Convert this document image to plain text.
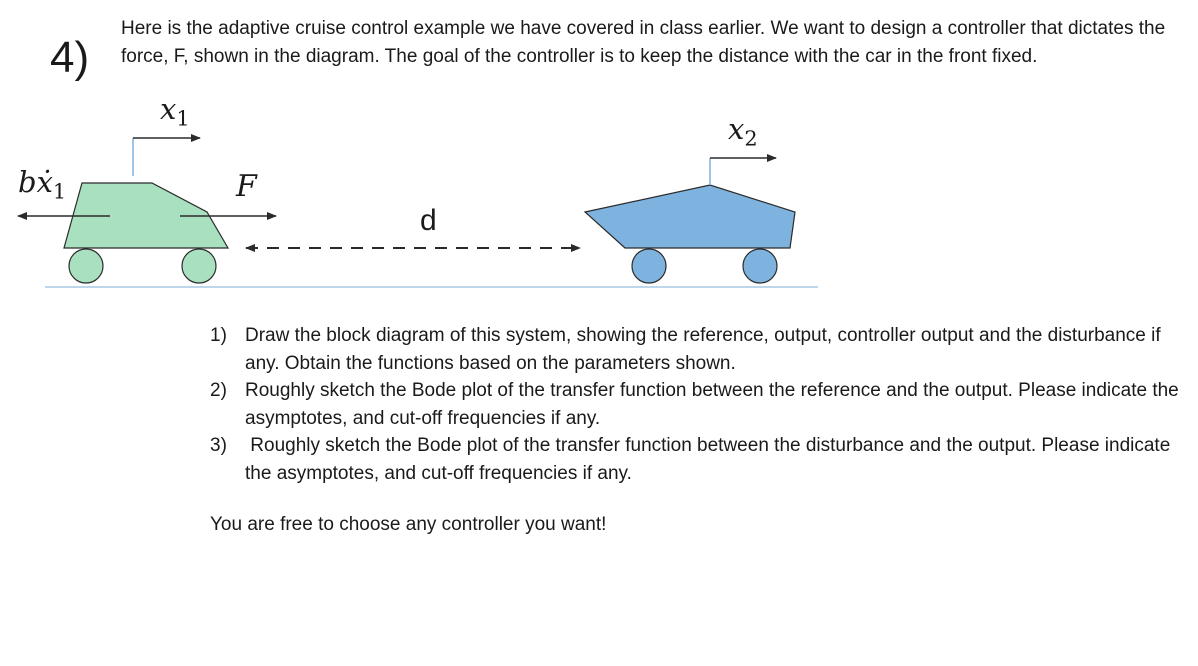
4)
Here is the adaptive cruise control example we have covered in class earlier. We want to design a controller that dictates the force, F, shown in the diagram. The goal of the controller is to keep the distance with the car in the front fixed.
$x_1$	$x_2$
bẋ$_1$	F
d
1) Draw the block diagram of this system, showing the reference, output, controller output and the disturbance if any. Obtain the functions based on the parameters shown.
2) Roughly sketch the Bode plot of the transfer function between the reference and the output. Please indicate the asymptotes, and cut-off frequencies if any.
3) Roughly sketch the Bode plot of the transfer function between the disturbance and the output. Please indicate the asymptotes, and cut-off frequencies if any.
You are free to choose any controller you want!
